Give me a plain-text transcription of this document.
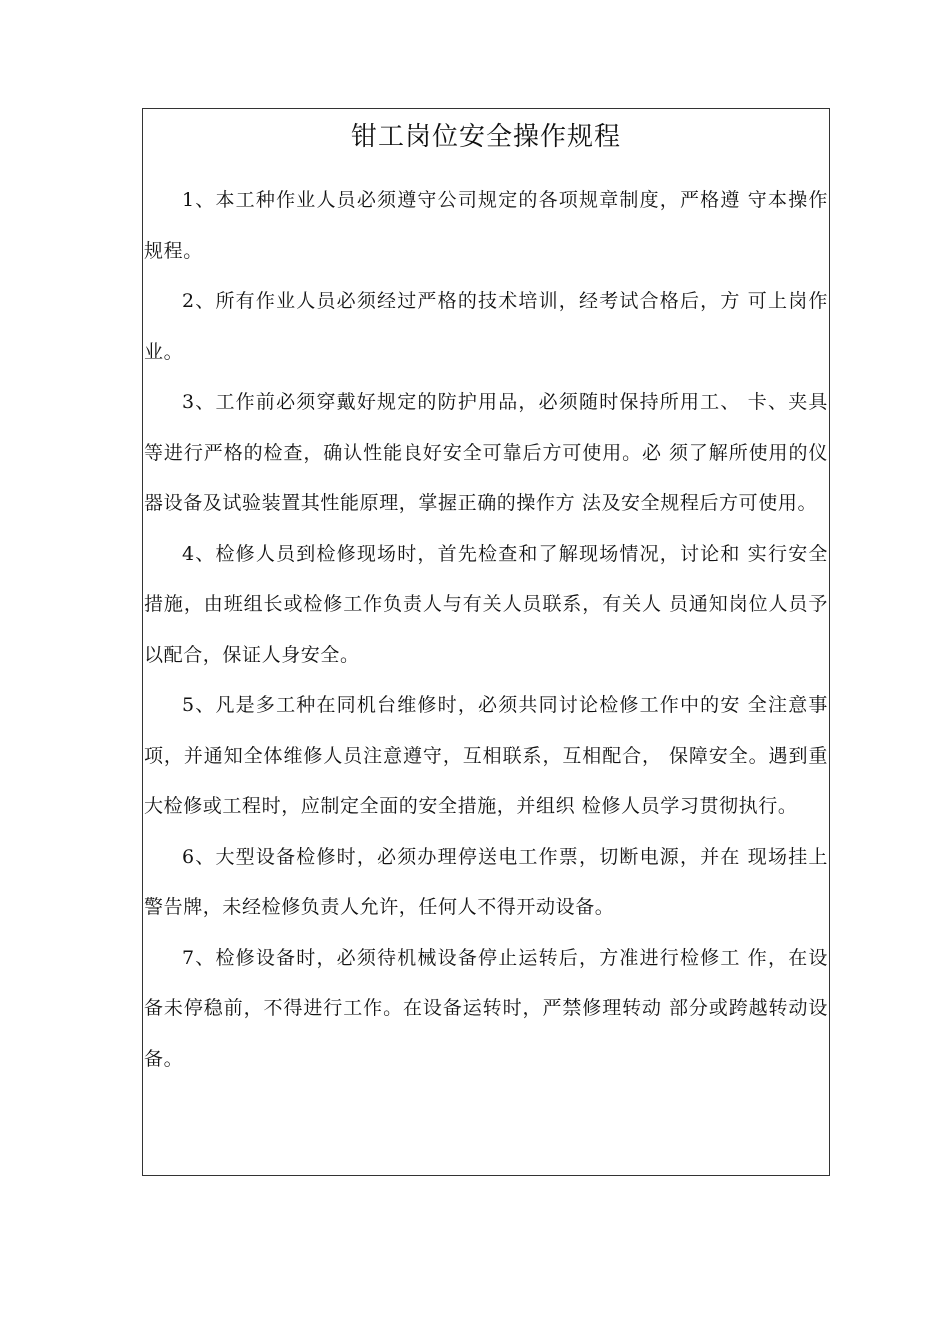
钳工岗位安全操作规程

1、本工种作业人员必须遵守公司规定的各项规章制度，严格遵 守本操作规程。

2、所有作业人员必须经过严格的技术培训，经考试合格后，方 可上岗作业。

3、工作前必须穿戴好规定的防护用品，必须随时保持所用工、 卡、夹具等进行严格的检查，确认性能良好安全可靠后方可使用。必 须了解所使用的仪器设备及试验装置其性能原理，掌握正确的操作方 法及安全规程后方可使用。

4、检修人员到检修现场时，首先检查和了解现场情况，讨论和 实行安全措施，由班组长或检修工作负责人与有关人员联系，有关人 员通知岗位人员予以配合，保证人身安全。

5、凡是多工种在同机台维修时，必须共同讨论检修工作中的安 全注意事项，并通知全体维修人员注意遵守，互相联系，互相配合， 保障安全。遇到重大检修或工程时，应制定全面的安全措施，并组织 检修人员学习贯彻执行。

6、大型设备检修时，必须办理停送电工作票，切断电源，并在 现场挂上警告牌，未经检修负责人允许，任何人不得开动设备。

7、检修设备时，必须待机械设备停止运转后，方准进行检修工 作，在设备未停稳前，不得进行工作。在设备运转时，严禁修理转动 部分或跨越转动设备。
